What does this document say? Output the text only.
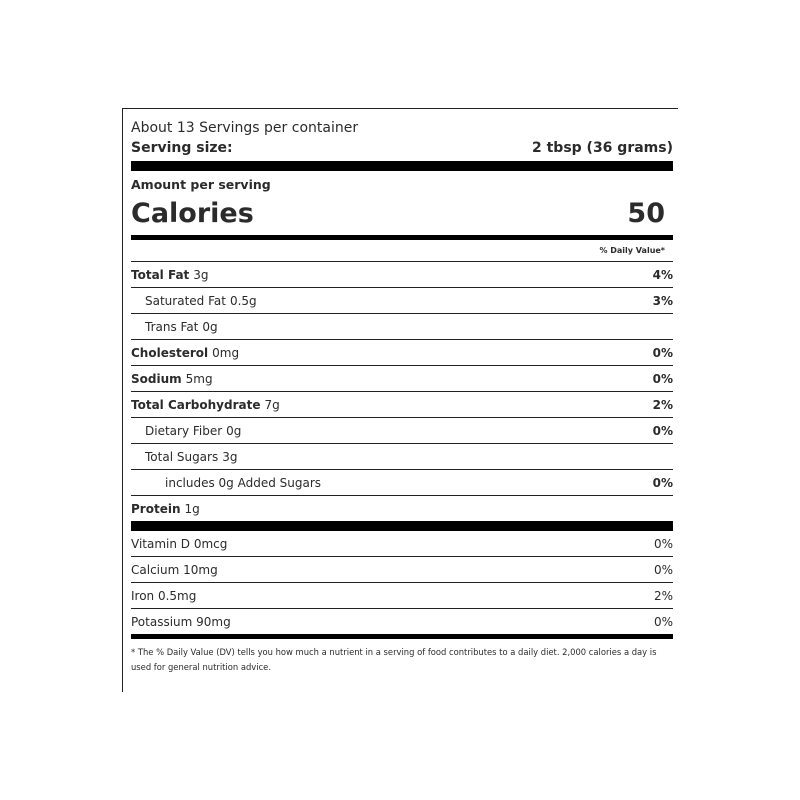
About 13 Servings per container
Serving size:	2 tbsp (36 grams)
Amount per serving
Calories	50
% Daily Value*
Total Fat 3g	4%
Saturated Fat 0.5g	3%
Trans Fat 0g
Cholesterol 0mg	0%
Sodium 5mg	0%
Total Carbohydrate 7g	2%
Dietary Fiber 0g	0%
Total Sugars 3g
includes 0g Added Sugars	0%
Protein 1g
Vitamin D 0mcg	0%
Calcium 10mg	0%
Iron 0.5mg	2%
Potassium 90mg	0%
* The % Daily Value (DV) tells you how much a nutrient in a serving of food contributes to a daily diet. 2,000 calories a day is used for general nutrition advice.
